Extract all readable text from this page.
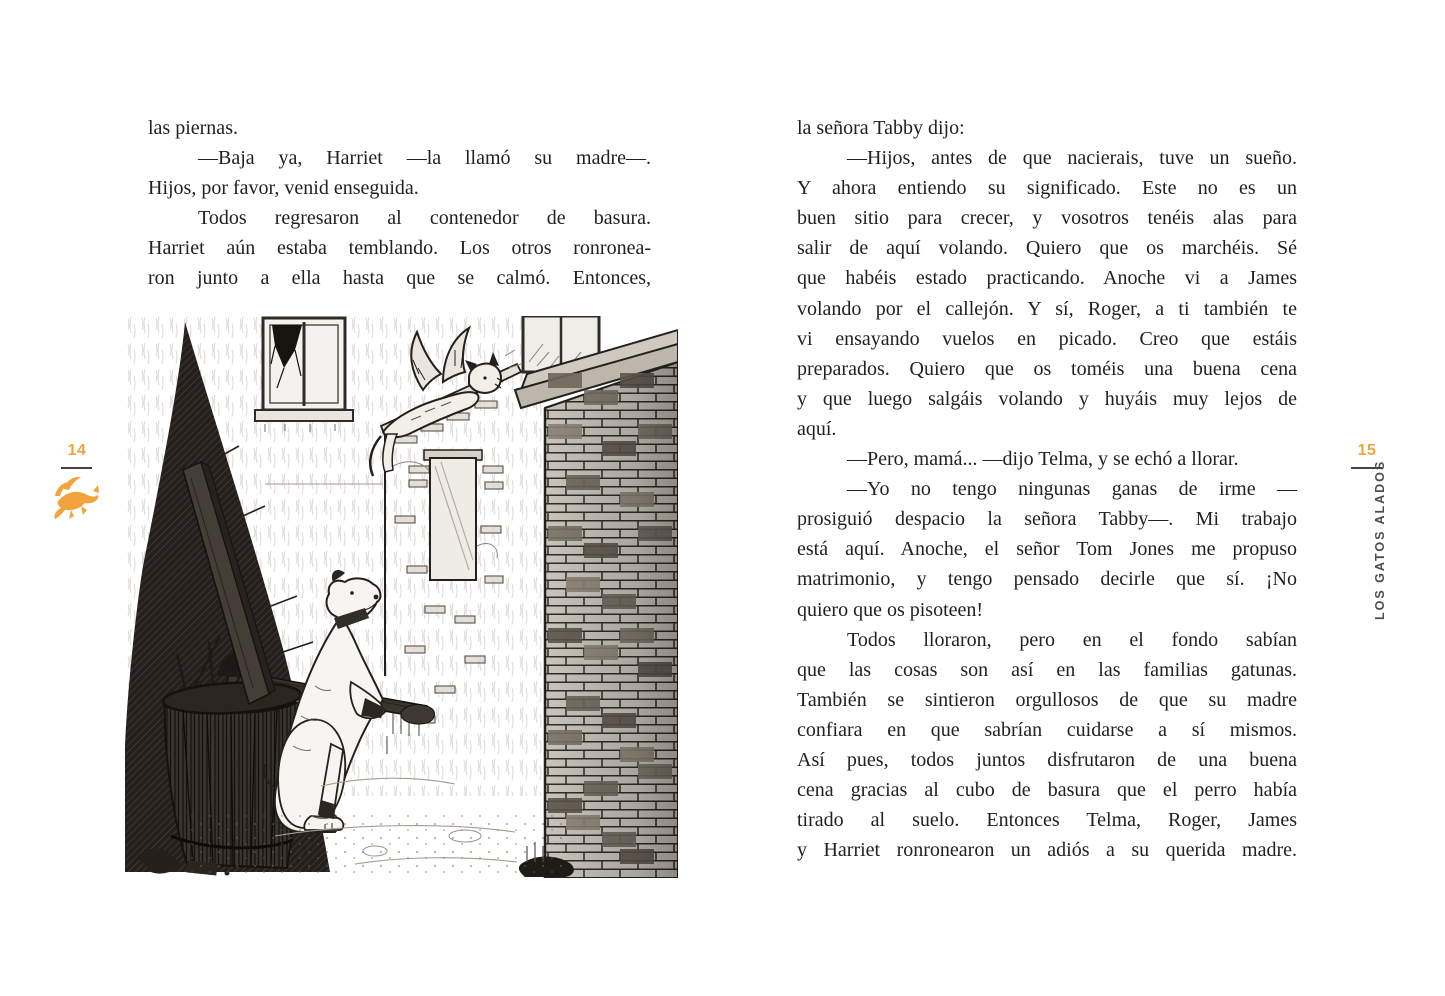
las piernas.
—Baja ya, Harriet —la llamó su madre—.
Hijos, por favor, venid enseguida.
Todos regresaron al contenedor de basura.
Harriet aún estaba temblando. Los otros ronronea-
ron junto a ella hasta que se calmó. Entonces,
la señora Tabby dijo:
—Hijos, antes de que nacierais, tuve un sueño.
Y ahora entiendo su significado. Este no es un
buen sitio para crecer, y vosotros tenéis alas para
salir de aquí volando. Quiero que os marchéis. Sé
que habéis estado practicando. Anoche vi a James
volando por el callejón. Y sí, Roger, a ti también te
vi ensayando vuelos en picado. Creo que estáis
preparados. Quiero que os toméis una buena cena
y que luego salgáis volando y huyáis muy lejos de
aquí.
—Pero, mamá... —dijo Telma, y se echó a llorar.
—Yo no tengo ningunas ganas de irme —
prosiguió despacio la señora Tabby—. Mi trabajo
está aquí. Anoche, el señor Tom Jones me propuso
matrimonio, y tengo pensado decirle que sí. ¡No
quiero que os pisoteen!
Todos lloraron, pero en el fondo sabían
que las cosas son así en las familias gatunas.
También se sintieron orgullosos de que su madre
confiara en que sabrían cuidarse a sí mismos.
Así pues, todos juntos disfrutaron de una buena
cena gracias al cubo de basura que el perro había
tirado al suelo. Entonces Telma, Roger, James
y Harriet ronronearon un adiós a su querida madre.
14	15
LOS GATOS ALADOS
